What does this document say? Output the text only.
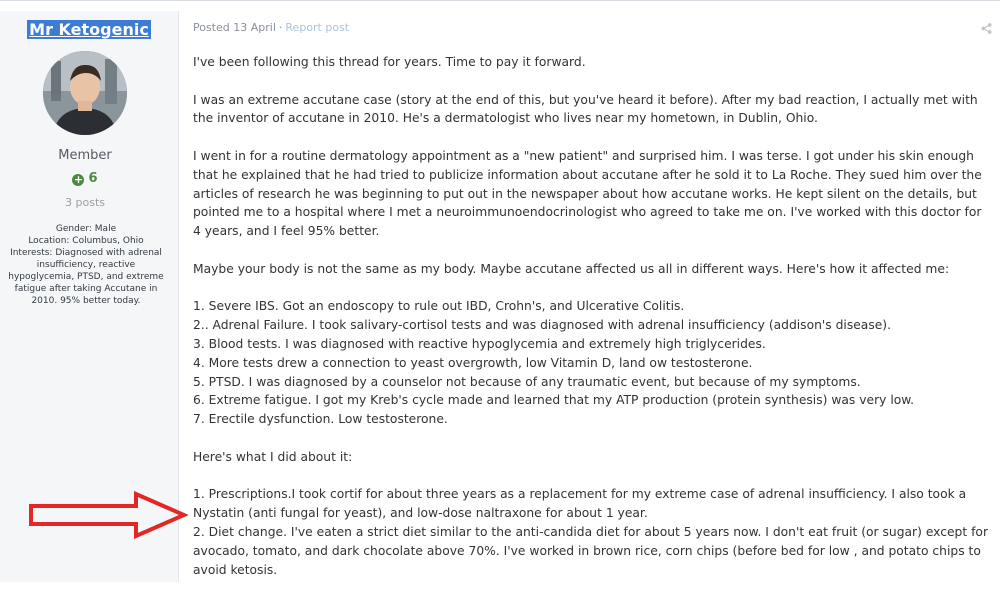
Mr Ketogenic
Member
+ 6
3 posts
Gender: Male
Location: Columbus, Ohio
Interests: Diagnosed with adrenal insufficiency, reactive hypoglycemia, PTSD, and extreme fatigue after taking Accutane in 2010. 95% better today.
Posted 13 April · Report post

I've been following this thread for years. Time to pay it forward.

I was an extreme accutane case (story at the end of this, but you've heard it before). After my bad reaction, I actually met with the inventor of accutane in 2010. He's a dermatologist who lives near my hometown, in Dublin, Ohio.

I went in for a routine dermatology appointment as a "new patient" and surprised him. I was terse. I got under his skin enough that he explained that he had tried to publicize information about accutane after he sold it to La Roche. They sued him over the articles of research he was beginning to put out in the newspaper about how accutane works. He kept silent on the details, but pointed me to a hospital where I met a neuroimmunoendocrinologist who agreed to take me on. I've worked with this doctor for 4 years, and I feel 95% better.

Maybe your body is not the same as my body. Maybe accutane affected us all in different ways. Here's how it affected me:

1. Severe IBS. Got an endoscopy to rule out IBD, Crohn's, and Ulcerative Colitis.
2.. Adrenal Failure. I took salivary-cortisol tests and was diagnosed with adrenal insufficiency (addison's disease).
3. Blood tests. I was diagnosed with reactive hypoglycemia and extremely high triglycerides.
4. More tests drew a connection to yeast overgrowth, low Vitamin D, land ow testosterone.
5. PTSD. I was diagnosed by a counselor not because of any traumatic event, but because of my symptoms.
6. Extreme fatigue. I got my Kreb's cycle made and learned that my ATP production (protein synthesis) was very low.
7. Erectile dysfunction. Low testosterone.

Here's what I did about it:

1. Prescriptions.I took cortif for about three years as a replacement for my extreme case of adrenal insufficiency. I also took a Nystatin (anti fungal for yeast), and low-dose naltraxone for about 1 year.
2. Diet change. I've eaten a strict diet similar to the anti-candida diet for about 5 years now. I don't eat fruit (or sugar) except for avocado, tomato, and dark chocolate above 70%. I've worked in brown rice, corn chips (before bed for low , and potato chips to avoid ketosis.
